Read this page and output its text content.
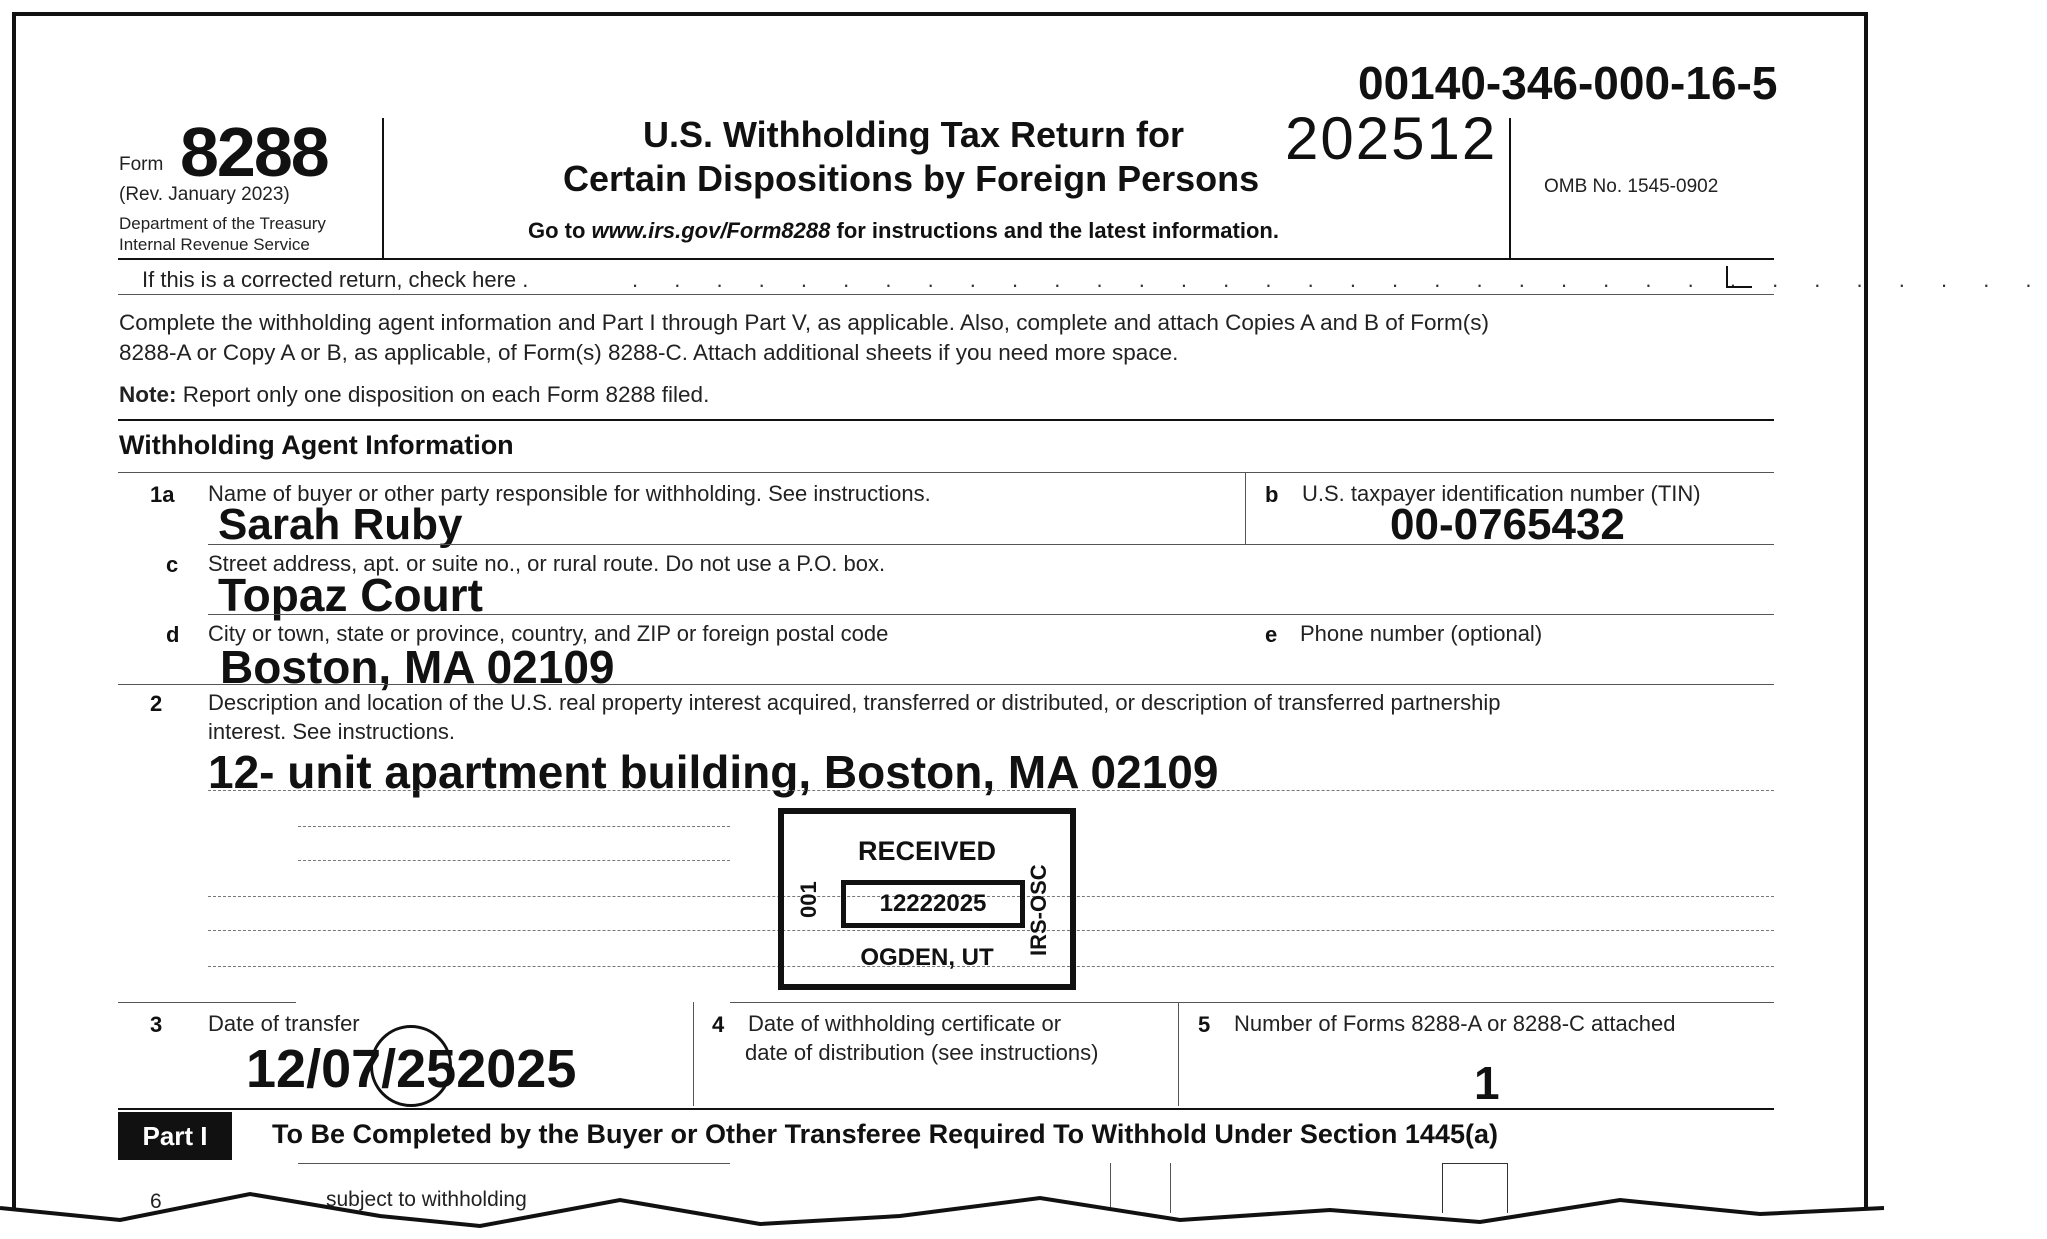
00140-346-000-16-5
Form 8288
(Rev. January 2023)
Department of the Treasury
Internal Revenue Service
U.S. Withholding Tax Return for
Certain Dispositions by Foreign Persons
202512
Go to www.irs.gov/Form8288 for instructions and the latest information.
OMB No. 1545-0902
If this is a corrected return, check here .	. . . . . . . . . . . . . . . . . . . . . . . . . . . . . . . . . .
Complete the withholding agent information and Part I through Part V, as applicable. Also, complete and attach Copies A and B of Form(s)
8288-A or Copy A or B, as applicable, of Form(s) 8288-C. Attach additional sheets if you need more space.
Note: Report only one disposition on each Form 8288 filed.
Withholding Agent Information
1a Name of buyer or other party responsible for withholding. See instructions.
Sarah Ruby
b U.S. taxpayer identification number (TIN)
00-0765432
c Street address, apt. or suite no., or rural route. Do not use a P.O. box.
Topaz Court
d City or town, state or province, country, and ZIP or foreign postal code
Boston, MA 02109
e Phone number (optional)
2 Description and location of the U.S. real property interest acquired, transferred or distributed, or description of transferred partnership
interest. See instructions.
12- unit apartment building, Boston, MA 02109
RECEIVED
12222025
OGDEN, UT
001	IRS-OSC
3 Date of transfer
12/07/252025
4 Date of withholding certificate or
date of distribution (see instructions)
5 Number of Forms 8288-A or 8288-C attached
1
Part I	To Be Completed by the Buyer or Other Transferee Required To Withhold Under Section 1445(a)
6	subject to withholding
